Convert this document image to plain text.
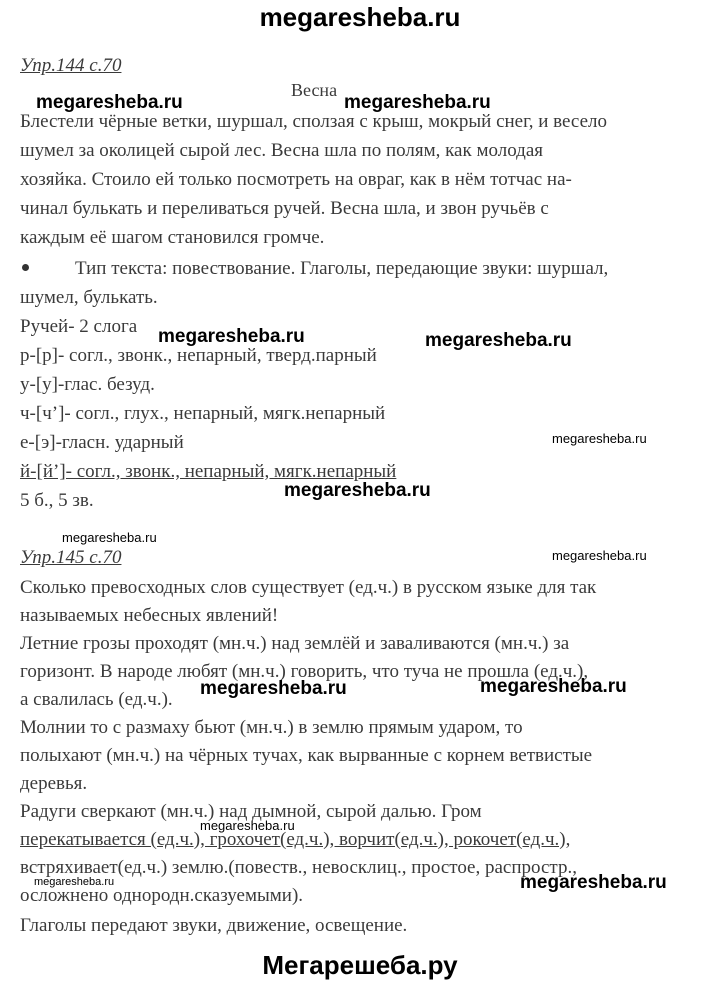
megaresheba.ru
Упр.144 с.70
Весна
Блестели чёрные ветки, шуршал, сползая с крыш, мокрый снег, и весело
шумел за околицей сырой лес. Весна шла по полям, как молодая
хозяйка. Стоило ей только посмотреть на овраг, как в нём тотчас на-
чинал булькать и переливаться ручей. Весна шла, и звон ручьёв с
каждым её шагом становился громче.
Тип текста: повествование. Глаголы, передающие звуки: шуршал,
шумел, булькать.
Ручей- 2 слога
р-[р]- согл., звонк., непарный, тверд.парный
у-[у]-глас. безуд.
ч-[ч’]- согл., глух., непарный, мягк.непарный
е-[э]-гласн. ударный
й-[й’]- согл., звонк., непарный, мягк.непарный
5 б., 5 зв.
Упр.145 с.70
Сколько превосходных слов существует (ед.ч.) в русском языке для так
называемых небесных явлений!
Летние грозы проходят (мн.ч.) над землёй и заваливаются (мн.ч.) за
горизонт. В народе любят (мн.ч.) говорить, что туча не прошла (ед.ч.),
а свалилась (ед.ч.).
Молнии то с размаху бьют (мн.ч.) в землю прямым ударом, то
полыхают (мн.ч.) на чёрных тучах, как вырванные с корнем ветвистые
деревья.
Радуги сверкают (мн.ч.) над дымной, сырой далью. Гром
перекатывается (ед.ч.), грохочет(ед.ч.), ворчит(ед.ч.), рокочет(ед.ч.),
встряхивает(ед.ч.) землю.(повеств., невосклиц., простое, распростр.,
осложнено однородн.сказуемыми).
Глаголы передают звуки, движение, освещение.
megaresheba.ru	megaresheba.ru
megaresheba.ru	megaresheba.ru
megaresheba.ru
megaresheba.ru
megaresheba.ru
megaresheba.ru
megaresheba.ru	megaresheba.ru
megaresheba.ru
megaresheba.ru	megaresheba.ru
Мегарешеба.ру
